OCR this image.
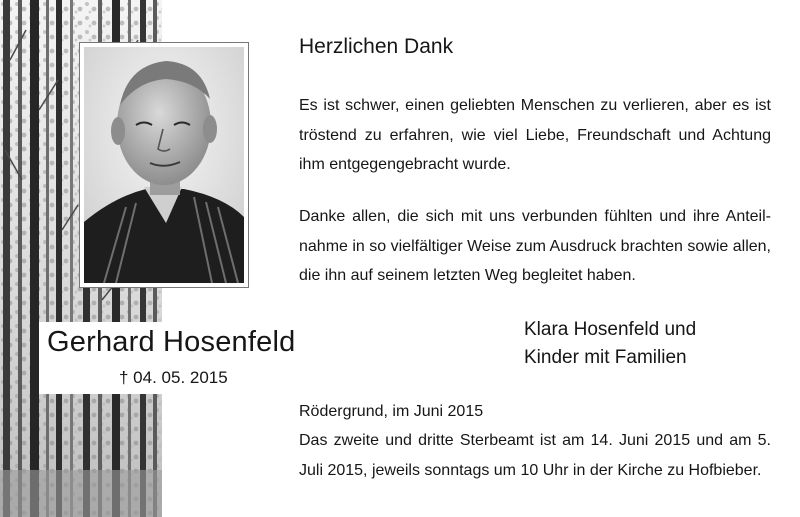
Gerhard Hosenfeld
† 04. 05. 2015
Herzlichen Dank
Es ist schwer, einen geliebten Menschen zu verlieren, aber es ist tröstend zu erfahren, wie viel Liebe, Freundschaft und Achtung ihm entgegengebracht wurde.
Danke allen, die sich mit uns verbunden fühlten und ihre Anteilnahme in so vielfältiger Weise zum Ausdruck brachten sowie allen, die ihn auf seinem letzten Weg begleitet haben.
Klara Hosenfeld und
Kinder mit Familien
Rödergrund, im Juni 2015
Das zweite und dritte Sterbeamt ist am 14. Juni 2015 und am 5. Juli 2015, jeweils sonntags um 10 Uhr in der Kirche zu Hofbieber.
